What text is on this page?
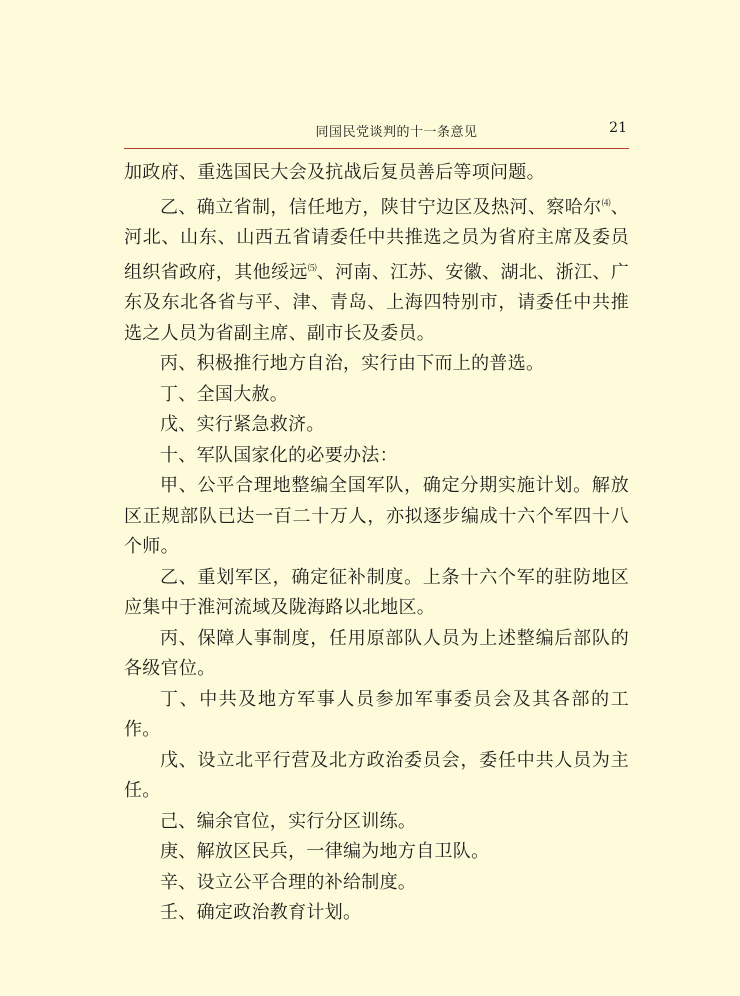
同国民党谈判的十一条意见	21

加政府、重选国民大会及抗战后复员善后等项问题。

乙、确立省制，信任地方，陕甘宁边区及热河、察哈尔⑷、河北、山东、山西五省请委任中共推选之员为省府主席及委员组织省政府，其他绥远⑸、河南、江苏、安徽、湖北、浙江、广东及东北各省与平、津、青岛、上海四特别市，请委任中共推选之人员为省副主席、副市长及委员。

丙、积极推行地方自治，实行由下而上的普选。

丁、全国大赦。

戊、实行紧急救济。

十、军队国家化的必要办法：

甲、公平合理地整编全国军队，确定分期实施计划。解放区正规部队已达一百二十万人，亦拟逐步编成十六个军四十八个师。

乙、重划军区，确定征补制度。上条十六个军的驻防地区应集中于淮河流域及陇海路以北地区。

丙、保障人事制度，任用原部队人员为上述整编后部队的各级官位。

丁、中共及地方军事人员参加军事委员会及其各部的工作。

戊、设立北平行营及北方政治委员会，委任中共人员为主任。

己、编余官位，实行分区训练。

庚、解放区民兵，一律编为地方自卫队。

辛、设立公平合理的补给制度。

壬、确定政治教育计划。
